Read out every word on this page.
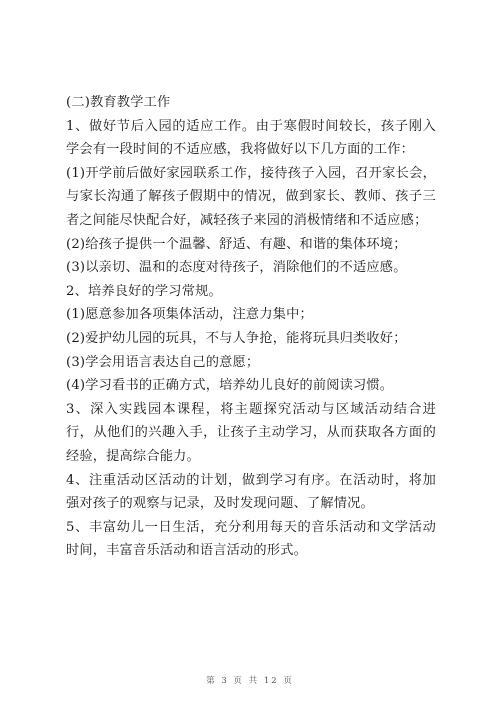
(二)教育教学工作

1、做好节后入园的适应工作。由于寒假时间较长，孩子刚入学会有一段时间的不适应感，我将做好以下几方面的工作：

(1)开学前后做好家园联系工作，接待孩子入园，召开家长会，与家长沟通了解孩子假期中的情况，做到家长、教师、孩子三者之间能尽快配合好，减轻孩子来园的消极情绪和不适应感；

(2)给孩子提供一个温馨、舒适、有趣、和谐的集体环境；

(3)以亲切、温和的态度对待孩子，消除他们的不适应感。

2、培养良好的学习常规。

(1)愿意参加各项集体活动，注意力集中；

(2)爱护幼儿园的玩具，不与人争抢，能将玩具归类收好；

(3)学会用语言表达自己的意愿；

(4)学习看书的正确方式，培养幼儿良好的前阅读习惯。

3、深入实践园本课程，将主题探究活动与区域活动结合进行，从他们的兴趣入手，让孩子主动学习，从而获取各方面的经验，提高综合能力。

4、注重活动区活动的计划，做到学习有序。在活动时，将加强对孩子的观察与记录，及时发现问题、了解情况。

5、丰富幼儿一日生活，充分利用每天的音乐活动和文学活动时间，丰富音乐活动和语言活动的形式。

第 3 页 共 12 页
